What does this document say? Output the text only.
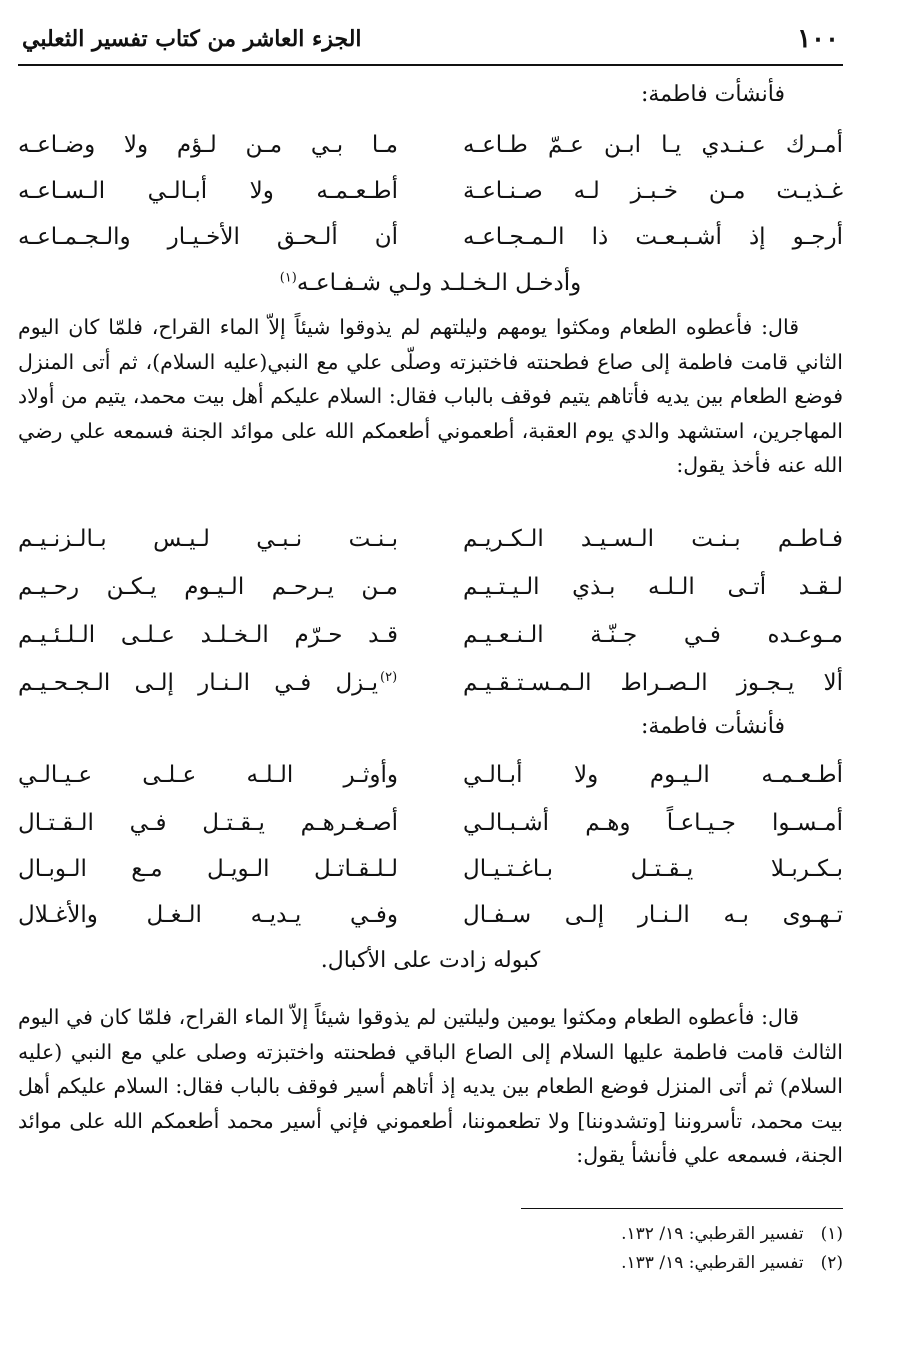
١٠٠
الجزء العاشر من كتاب تفسير الثعلبي
فأنشأت فاطمة:
أمـرك عـنـدي يـا ابـن عـمّ طـاعـه
مـا بـي مـن لـؤم ولا وضـاعـه
غـذيـت مـن خـبـز لـه صـنـاعـة
أطـعـمـه ولا أبـالـي الـسـاعـه
أرجـو إذ أشـبـعـت ذا الـمـجـاعـه
أن ألـحـق الأخـيـار والـجـمـاعـه
وأدخـل الـخـلـد ولـي شـفـاعـه$^{(١)}$
قال: فأعطوه الطعام ومكثوا يومهم وليلتهم لم يذوقوا شيئاً إلاّ الماء القراح، فلمّا كان اليوم الثاني قامت فاطمة إلى صاع فطحنته فاختبزته وصلّى علي مع النبي(عليه السلام)، ثم أتى المنزل فوضع الطعام بين يديه فأتاهم يتيم فوقف بالباب فقال: السلام عليكم أهل بيت محمد، يتيم من أولاد المهاجرين، استشهد والدي يوم العقبة، أطعموني أطعمكم الله على موائد الجنة فسمعه علي رضي الله عنه فأخذ يقول:
فـاطـم بـنـت الـسـيـد الـكـريـم
بـنـت نـبـي لـيـس بـالـزنـيـم
لـقـد أتـى الـلـه بـذي الـيـتـيـم
مـن يـرحـم الـيـوم يـكـن رحـيـم
مـوعـده فـي جـنّـة الـنـعـيـم
قـد حـرّم الـخـلـد عـلـى الـلـئـيـم
ألا يـجـوز الـصـراط الـمـسـتـقـيـم
يـزل فـي الـنـار إلـى الـجـحـيـم (٢)
فأنشأت فاطمة:
أطـعـمـه الـيـوم ولا أبـالـي
وأوثـر الـلـه عـلـى عـيـالـي
أمـسـوا جـيـاعـاً وهـم أشـبـالـي
أصـغـرهـم يـقـتـل فـي الـقـتـال
بـكـربـلا يـقـتـل بـاغـتـيـال
لـلـقـاتـل الـويـل مـع الـوبـال
تـهـوى بـه الـنـار إلـى سـفـال
وفـي يـديـه الـغـل والأغـلال
كبوله زادت على الأكبال.
قال: فأعطوه الطعام ومكثوا يومين وليلتين لم يذوقوا شيئاً إلاّ الماء القراح، فلمّا كان في اليوم الثالث قامت فاطمة عليها السلام إلى الصاع الباقي فطحنته واختبزته وصلى علي مع النبي (عليه السلام) ثم أتى المنزل فوضع الطعام بين يديه إذ أتاهم أسير فوقف بالباب فقال: السلام عليكم أهل بيت محمد، تأسروننا [وتشدوننا] ولا تطعموننا، أطعموني فإني أسير محمد أطعمكم الله على موائد الجنة، فسمعه علي فأنشأ يقول:
(١) تفسير القرطبي: ١٩/ ١٣٢.
(٢) تفسير القرطبي: ١٩/ ١٣٣.
